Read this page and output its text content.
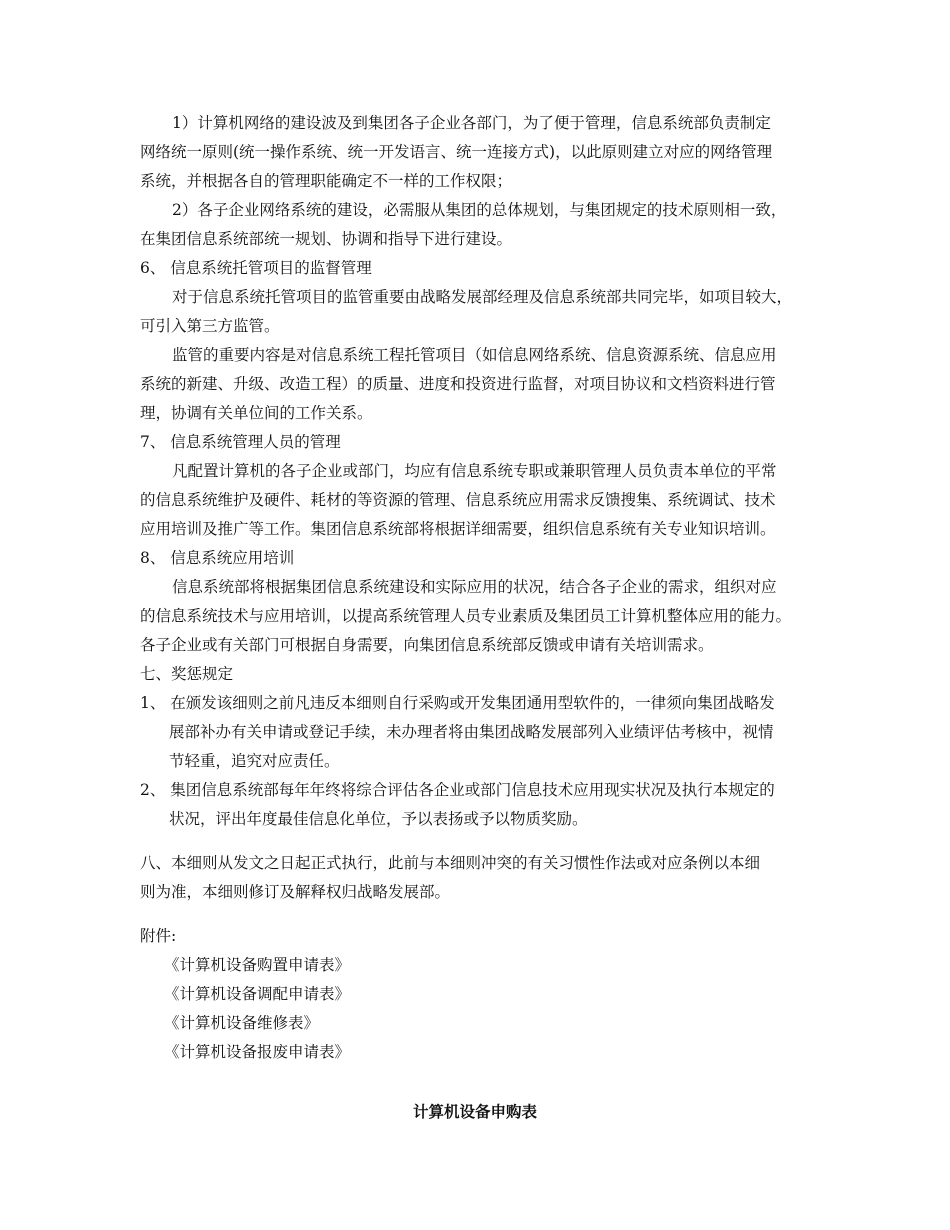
1）计算机网络的建设波及到集团各子企业各部门，为了便于管理，信息系统部负责制定
网络统一原则(统一操作系统、统一开发语言、统一连接方式)，以此原则建立对应的网络管理
系统，并根据各自的管理职能确定不一样的工作权限；
2）各子企业网络系统的建设，必需服从集团的总体规划，与集团规定的技术原则相一致，
在集团信息系统部统一规划、协调和指导下进行建设。
6、 信息系统托管项目的监督管理
对于信息系统托管项目的监管重要由战略发展部经理及信息系统部共同完毕，如项目较大，
可引入第三方监管。
监管的重要内容是对信息系统工程托管项目（如信息网络系统、信息资源系统、信息应用
系统的新建、升级、改造工程）的质量、进度和投资进行监督，对项目协议和文档资料进行管
理，协调有关单位间的工作关系。
7、 信息系统管理人员的管理
凡配置计算机的各子企业或部门，均应有信息系统专职或兼职管理人员负责本单位的平常
的信息系统维护及硬件、耗材的等资源的管理、信息系统应用需求反馈搜集、系统调试、技术
应用培训及推广等工作。集团信息系统部将根据详细需要，组织信息系统有关专业知识培训。
8、 信息系统应用培训
信息系统部将根据集团信息系统建设和实际应用的状况，结合各子企业的需求，组织对应
的信息系统技术与应用培训，以提高系统管理人员专业素质及集团员工计算机整体应用的能力。
各子企业或有关部门可根据自身需要，向集团信息系统部反馈或申请有关培训需求。
七、奖惩规定
1、 在颁发该细则之前凡违反本细则自行采购或开发集团通用型软件的，一律须向集团战略发
展部补办有关申请或登记手续，未办理者将由集团战略发展部列入业绩评估考核中，视情
节轻重，追究对应责任。
2、 集团信息系统部每年年终将综合评估各企业或部门信息技术应用现实状况及执行本规定的
状况，评出年度最佳信息化单位，予以表扬或予以物质奖励。
八、本细则从发文之日起正式执行，此前与本细则冲突的有关习惯性作法或对应条例以本细
则为准，本细则修订及解释权归战略发展部。
附件:
《计算机设备购置申请表》
《计算机设备调配申请表》
《计算机设备维修表》
《计算机设备报废申请表》
计算机设备申购表
